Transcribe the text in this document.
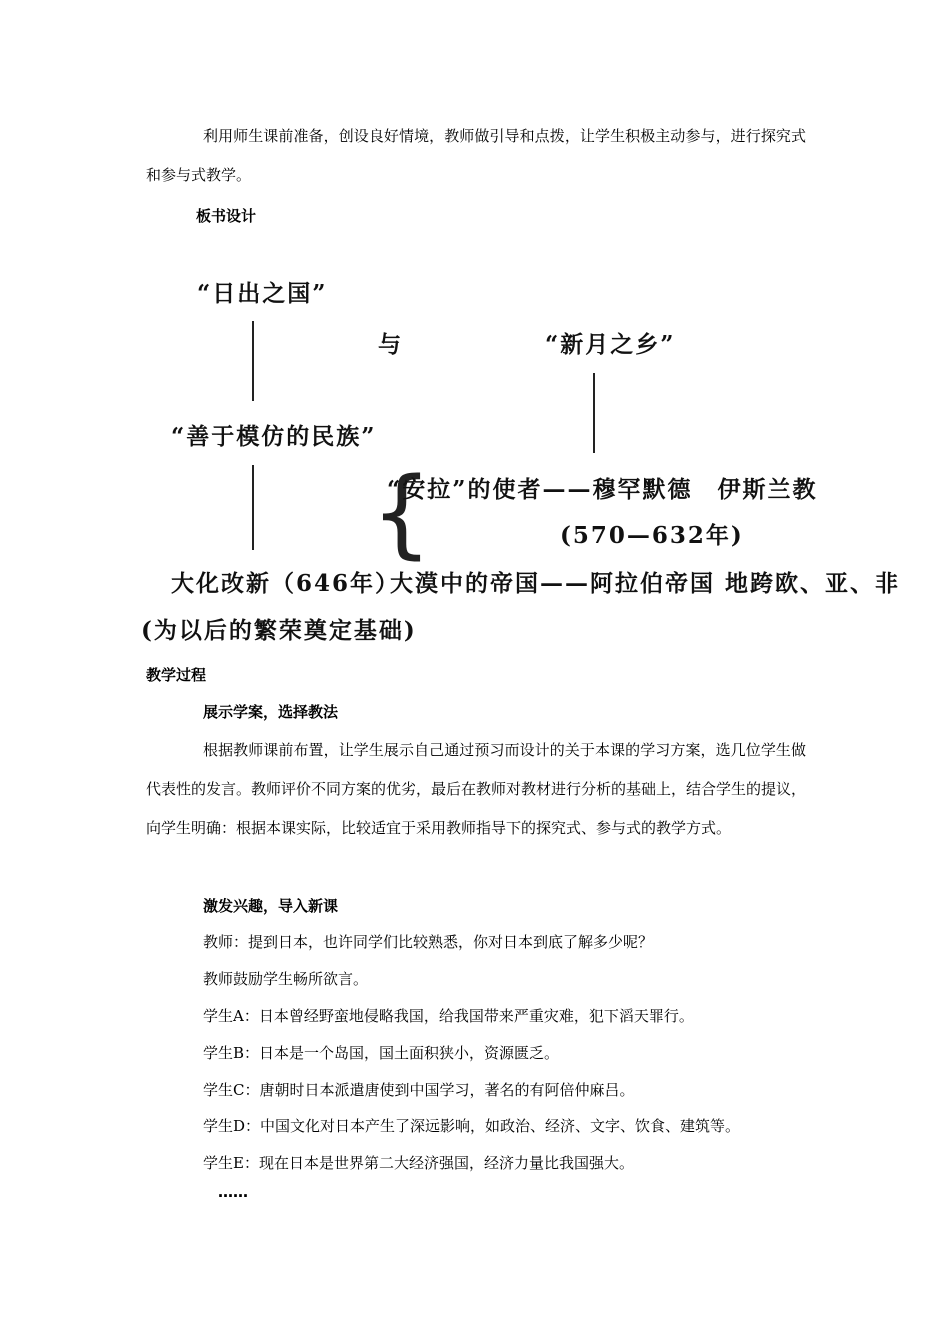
利用师生课前准备，创设良好情境，教师做引导和点拨，让学生积极主动参与，进行探究式和参与式教学。

板书设计

“日出之国”
与	“新月之乡”
“善于模仿的民族”
{
“安拉”的使者——穆罕默德　伊斯兰教
(570—632年)
大漠中的帝国——阿拉伯帝国 地跨欧、亚、非
大化改新（646年）
(为以后的繁荣奠定基础)

教学过程

展示学案，选择教法

根据教师课前布置，让学生展示自己通过预习而设计的关于本课的学习方案，选几位学生做代表性的发言。教师评价不同方案的优劣，最后在教师对教材进行分析的基础上，结合学生的提议，向学生明确：根据本课实际，比较适宜于采用教师指导下的探究式、参与式的教学方式。

激发兴趣，导入新课

教师：提到日本，也许同学们比较熟悉，你对日本到底了解多少呢？

教师鼓励学生畅所欲言。

学生A：日本曾经野蛮地侵略我国，给我国带来严重灾难，犯下滔天罪行。

学生B：日本是一个岛国，国土面积狭小，资源匮乏。

学生C：唐朝时日本派遣唐使到中国学习，著名的有阿倍仲麻吕。

学生D：中国文化对日本产生了深远影响，如政治、经济、文字、饮食、建筑等。

学生E：现在日本是世界第二大经济强国，经济力量比我国强大。

……
